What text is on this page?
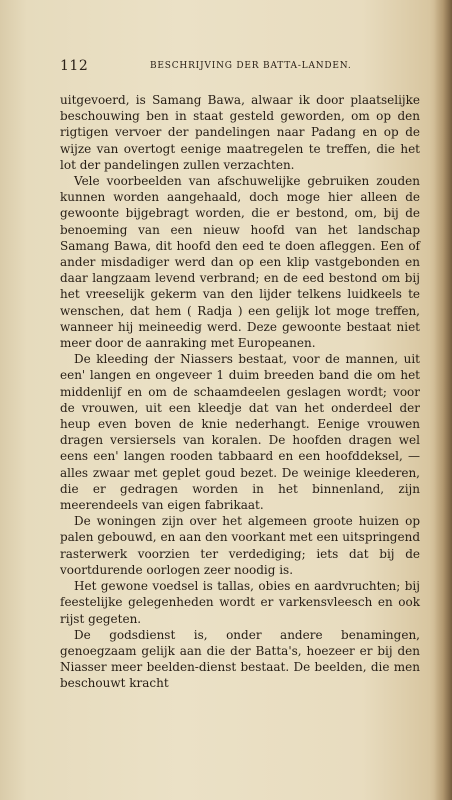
112	BESCHRIJVING DER BATTA-LANDEN.

uitgevoerd, is Samang Bawa, alwaar ik door plaatselijke beschouwing ben in staat gesteld geworden, om op den rigtigen vervoer der pandelingen naar Padang en op de wijze van overtogt eenige maatregelen te treffen, die het lot der pandelingen zullen verzachten.

Vele voorbeelden van afschuwelijke gebruiken zouden kunnen worden aangehaald, doch moge hier alleen de gewoonte bijgebragt worden, die er bestond, om, bij de benoeming van een nieuw hoofd van het landschap Samang Bawa, dit hoofd den eed te doen afleggen. Een of ander misdadiger werd dan op een klip vastgebonden en daar langzaam levend verbrand; en de eed bestond om bij het vreeselijk gekerm van den lijder telkens luidkeels te wenschen, dat hem ( Radja ) een gelijk lot moge treffen, wanneer hij meineedig werd. Deze gewoonte bestaat niet meer door de aanraking met Europeanen.

De kleeding der Niassers bestaat, voor de mannen, uit een' langen en ongeveer 1 duim breeden band die om het middenlijf en om de schaamdeelen geslagen wordt; voor de vrouwen, uit een kleedje dat van het onderdeel der heup even boven de knie nederhangt. Eenige vrouwen dragen versiersels van koralen. De hoofden dragen wel eens een' langen rooden tabbaard en een hoofddeksel, — alles zwaar met geplet goud bezet. De weinige kleederen, die er gedragen worden in het binnenland, zijn meerendeels van eigen fabrikaat.

De woningen zijn over het algemeen groote huizen op palen gebouwd, en aan den voorkant met een uitspringend rasterwerk voorzien ter verdediging; iets dat bij de voortdurende oorlogen zeer noodig is.

Het gewone voedsel is tallas, obies en aardvruchten; bij feestelijke gelegenheden wordt er varkensvleesch en ook rijst gegeten.

De godsdienst is, onder andere benamingen, genoegzaam gelijk aan die der Batta's, hoezeer er bij den Niasser meer beelden-dienst bestaat. De beelden, die men beschouwt kracht
